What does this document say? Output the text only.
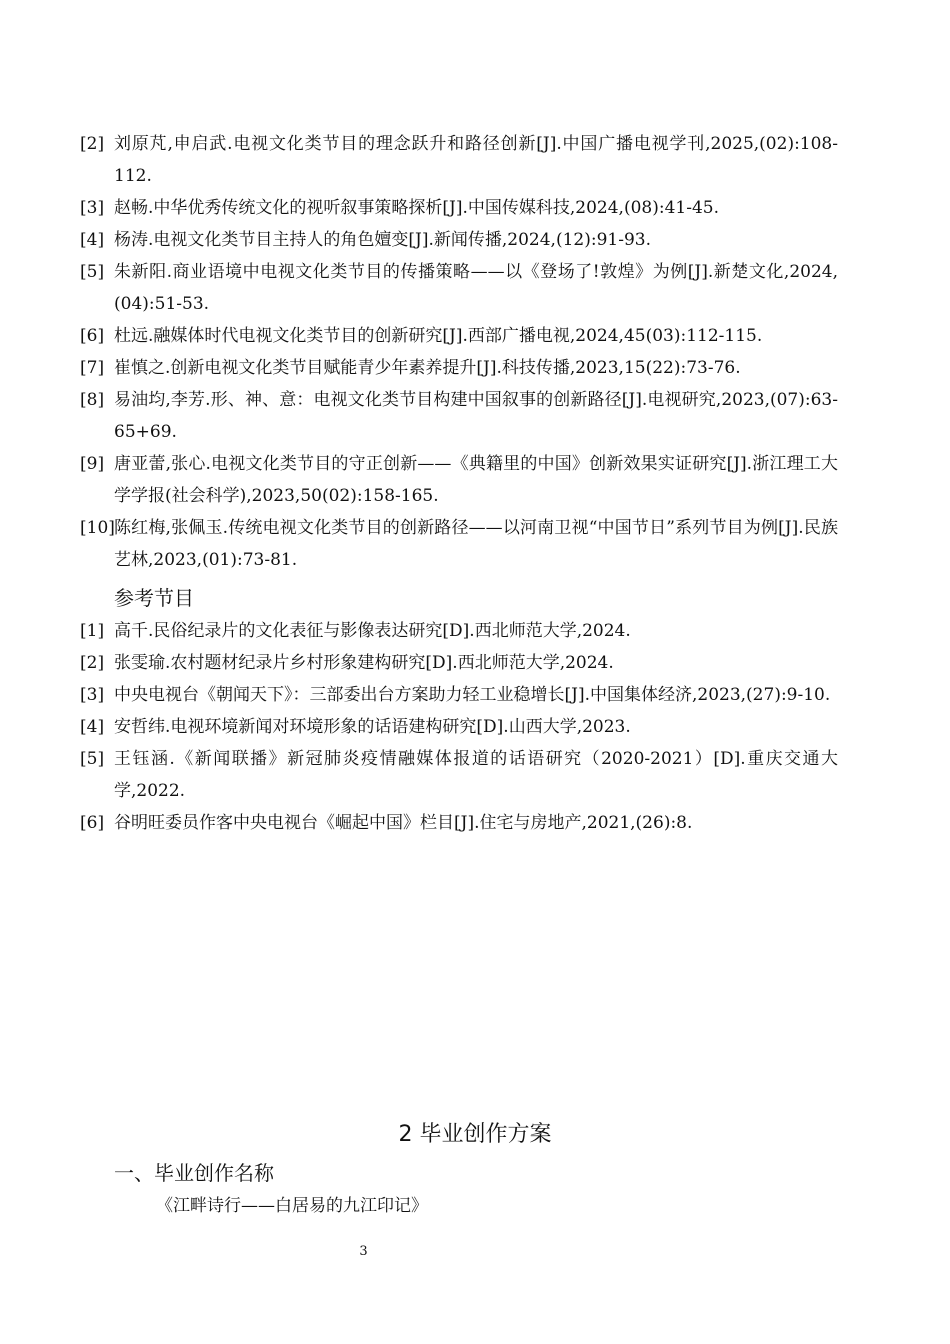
[2] 刘原芃,申启武.电视文化类节目的理念跃升和路径创新[J].中国广播电视学刊,2025,(02):108-112.
[3] 赵畅.中华优秀传统文化的视听叙事策略探析[J].中国传媒科技,2024,(08):41-45.
[4] 杨涛.电视文化类节目主持人的角色嬗变[J].新闻传播,2024,(12):91-93.
[5] 朱新阳.商业语境中电视文化类节目的传播策略——以《登场了!敦煌》为例[J].新楚文化,2024,(04):51-53.
[6] 杜远.融媒体时代电视文化类节目的创新研究[J].西部广播电视,2024,45(03):112-115.
[7] 崔慎之.创新电视文化类节目赋能青少年素养提升[J].科技传播,2023,15(22):73-76.
[8] 易油均,李芳.形、神、意：电视文化类节目构建中国叙事的创新路径[J].电视研究,2023,(07):63-65+69.
[9] 唐亚蕾,张心.电视文化类节目的守正创新——《典籍里的中国》创新效果实证研究[J].浙江理工大学学报(社会科学),2023,50(02):158-165.
[10] 陈红梅,张佩玉.传统电视文化类节目的创新路径——以河南卫视“中国节日”系列节目为例[J].民族艺林,2023,(01):73-81.
参考节目
[1] 高千.民俗纪录片的文化表征与影像表达研究[D].西北师范大学,2024.
[2] 张雯瑜.农村题材纪录片乡村形象建构研究[D].西北师范大学,2024.
[3] 中央电视台《朝闻天下》：三部委出台方案助力轻工业稳增长[J].中国集体经济,2023,(27):9-10.
[4] 安哲纬.电视环境新闻对环境形象的话语建构研究[D].山西大学,2023.
[5] 王钰涵.《新闻联播》新冠肺炎疫情融媒体报道的话语研究（2020-2021）[D].重庆交通大学,2022.
[6] 谷明旺委员作客中央电视台《崛起中国》栏目[J].住宅与房地产,2021,(26):8.
2 毕业创作方案
一、毕业创作名称
《江畔诗行——白居易的九江印记》
3
